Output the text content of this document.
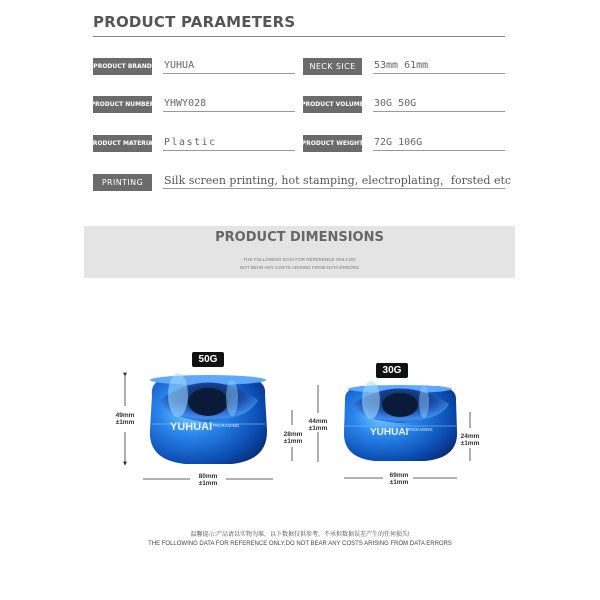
PRODUCT PARAMETERS
PRODUCT BRAND YUHUA	NECK SICE	53mm 61mm
PRODUCT NUMBER YHWY028	PRODUCT VOLUME 30G 50G
PRODUCT MATERIAL Plastic	PRODUCT WEIGHT 72G 106G
PRINTING	Silk screen printing, hot stamping, electroplating，forsted etc
PRODUCT DIMENSIONS
THE FOLLOWING DATA FOR REFERENCE ONLY,DO
NOT BEAR ANY COSTS ARISING FROM DATA ERRORS
YUHUAI PACKAGING
YUHUAI PACKAGING
50G
30G
49mm
±1mm
28mm
±1mm
80mm
±1mm
44mm
±1mm
24mm
±1mm
69mm
±1mm
温馨提示:产品请以实物为准，以下数据仅供参考，不承担数据误差产生的任何损失!
THE FOLLOWING DATA FOR REFERENCE ONLY,DO NOT BEAR ANY COSTS ARISING FROM DATA ERRORS
